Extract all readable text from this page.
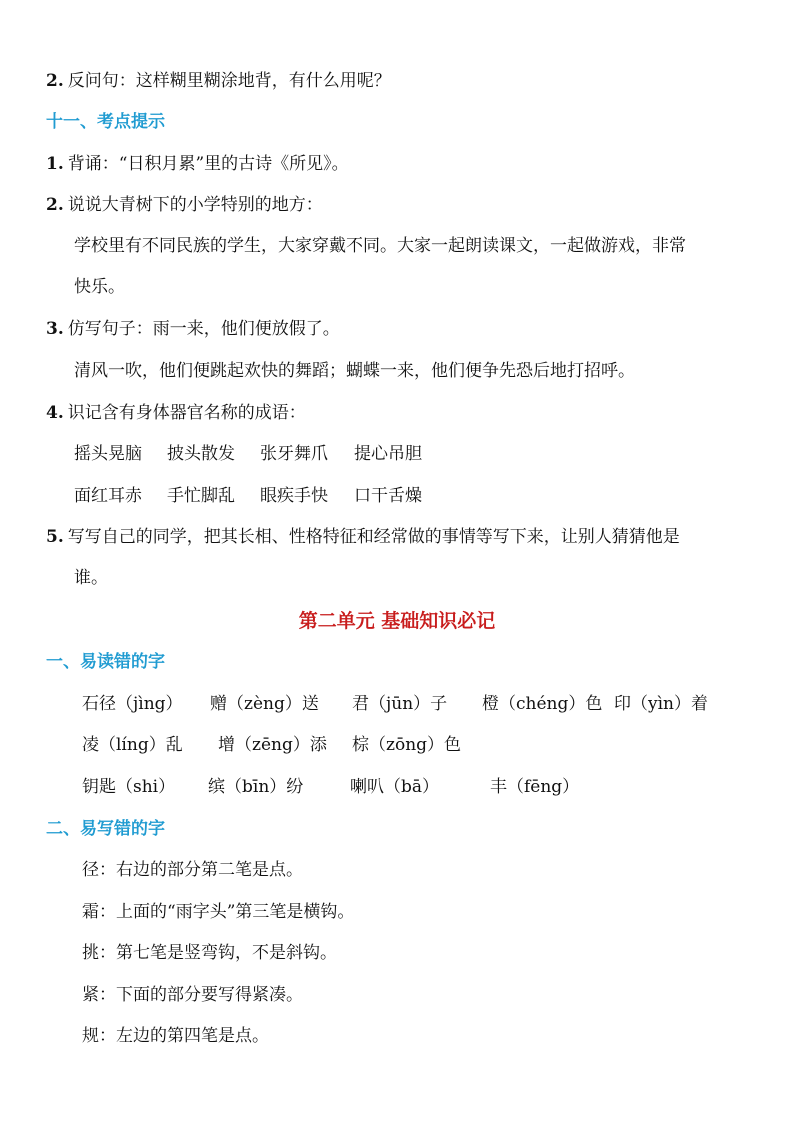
2. 反问句：这样糊里糊涂地背，有什么用呢？
十一、考点提示
1. 背诵：“日积月累”里的古诗《所见》。
2. 说说大青树下的小学特别的地方：
学校里有不同民族的学生，大家穿戴不同。大家一起朗读课文，一起做游戏，非常
快乐。
3. 仿写句子：雨一来，他们便放假了。
清风一吹，他们便跳起欢快的舞蹈；蝴蝶一来，他们便争先恐后地打招呼。
4. 识记含有身体器官名称的成语：
摇头晃脑 披头散发 张牙舞爪 提心吊胆
面红耳赤 手忙脚乱 眼疾手快 口干舌燥
5. 写写自己的同学，把其长相、性格特征和经常做的事情等写下来，让别人猜猜他是
谁。
第二单元 基础知识必记
一、易读错的字
石径（jìng） 赠（zèng）送 君（jūn）子 橙（chéng）色 印（yìn）着
凌（líng）乱 增（zēng）添 棕（zōng）色
钥匙（shi） 缤（bīn）纷	喇叭（bā）	丰（fēng）
二、易写错的字
径：右边的部分第二笔是点。
霜：上面的“雨字头”第三笔是横钩。
挑：第七笔是竖弯钩，不是斜钩。
紧：下面的部分要写得紧凑。
规：左边的第四笔是点。
